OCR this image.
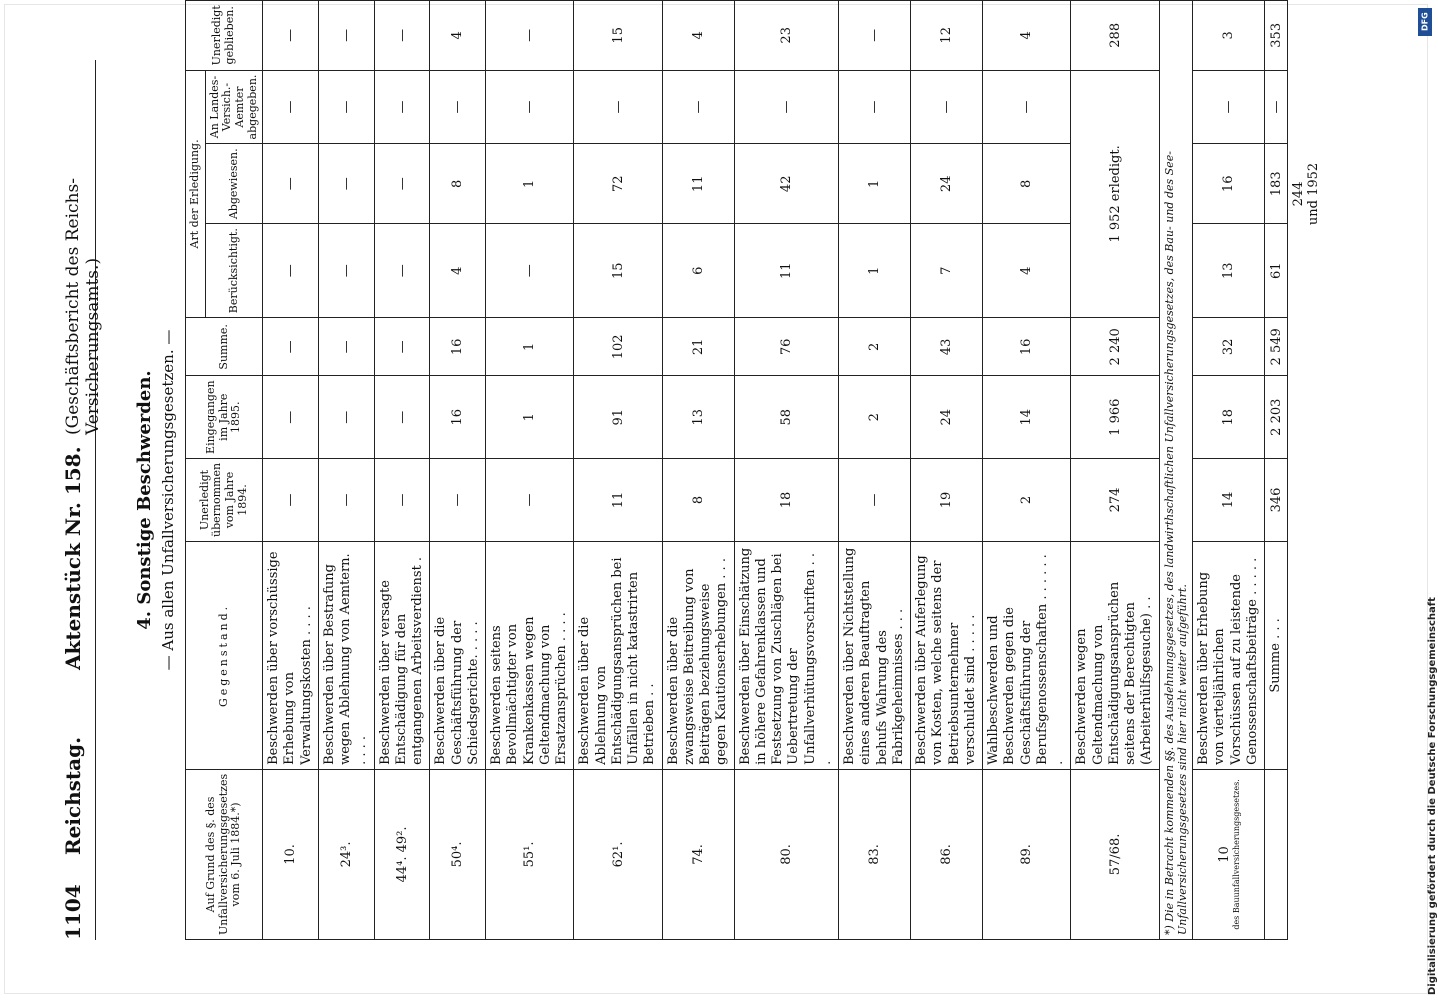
1104
Reichstag.
Aktenstück Nr. 158.
(Geschäftsbericht des Reichs-Versicherungsamts.)
4. Sonstige Beschwerden. — Aus allen Unfallversicherungsgesetzen. —
Auf Grund des §. des Unfallversicherungsgesetzes vom 6. Juli 1884.*)	Gegenstand.	Unerledigt übernommen vom Jahre 1894.	Eingegangen im Jahre 1895.	Summe.	Art der Erledigung.			Unerledigt geblieben.
					Berücksichtigt.	Abgewiesen.	An Landes-Versich.-Aemter abgegeben.	
10.	Beschwerden über vorschüssige Erhebung von Verwaltungskosten . . . .	—	—	—	—	—	—	—
24³.	Beschwerden über Bestrafung wegen Ablehnung von Aemtern. . . . .	—	—	—	—	—	—	—
44⁴. 49².	Beschwerden über versagte Entschädigung für den entgangenen Arbeitsverdienst .	—	—	—	—	—	—	—
50⁴.	Beschwerden über die Geschäftsführung der Schiedsgerichte. . . . .	—	16	16	4	8	—	4
55¹.	Beschwerden seitens Bevollmächtigter von Krankenkassen wegen Geltendmachung von Ersatzansprüchen . . . .	—	1	1	—	1	—	—
62¹.	Beschwerden über die Ablehnung von Entschädigungsansprüchen bei Unfällen in nicht katastrirten Betrieben . .	11	91	102	15	72	—	15
74.	Beschwerden über die zwangsweise Beitreibung von Beiträgen beziehungsweise gegen Kautionserhebungen . . .	8	13	21	6	11	—	4
80.	Beschwerden über Einschätzung in höhere Gefahrenklassen und Festsetzung von Zuschlägen bei Uebertretung der Unfallverhütungsvorschriften . . .	18	58	76	11	42	—	23
83.	Beschwerden über Nichtstellung eines anderen Beauftragten behufs Wahrung des Fabrikgeheimnisses . . .	—	2	2	1	1	—	—
86.	Beschwerden über Auferlegung von Kosten, welche seitens der Betriebsunternehmer verschuldet sind . . . . .	19	24	43	7	24	—	12
89.	Wahlbeschwerden und Beschwerden gegen die Geschäftsführung der Berufsgenossenschaften . . . . . . .	2	14	16	4	8	—	4
57/68.	Beschwerden wegen Geltendmachung von Entschädigungsansprüchen seitens der Berechtigten (Arbeiterhülfsgesuche) . .	274	1 966	2 240	1 952 erledigt.			288
*) Die in Betracht kommenden §§. des Ausdehnungsgesetzes, des landwirthschaftlichen Unfallversicherungsgesetzes, des Bau- und des See-Unfallversicherungsgesetzes sind hier nicht weiter aufgeführt.								

10 des Bauunfallversicherungsgesetzes.	Beschwerden über Erhebung von vierteljährlichen Vorschüssen auf zu leistende Genossenschaftsbeiträge . . . . .	14	18	32	13	16	—	3
	Summe . . .	346	2 203	2 549	61	183	—	353

					244 und 1952			

DFG
Digitalisierung gefördert durch die Deutsche Forschungsgemeinschaft
